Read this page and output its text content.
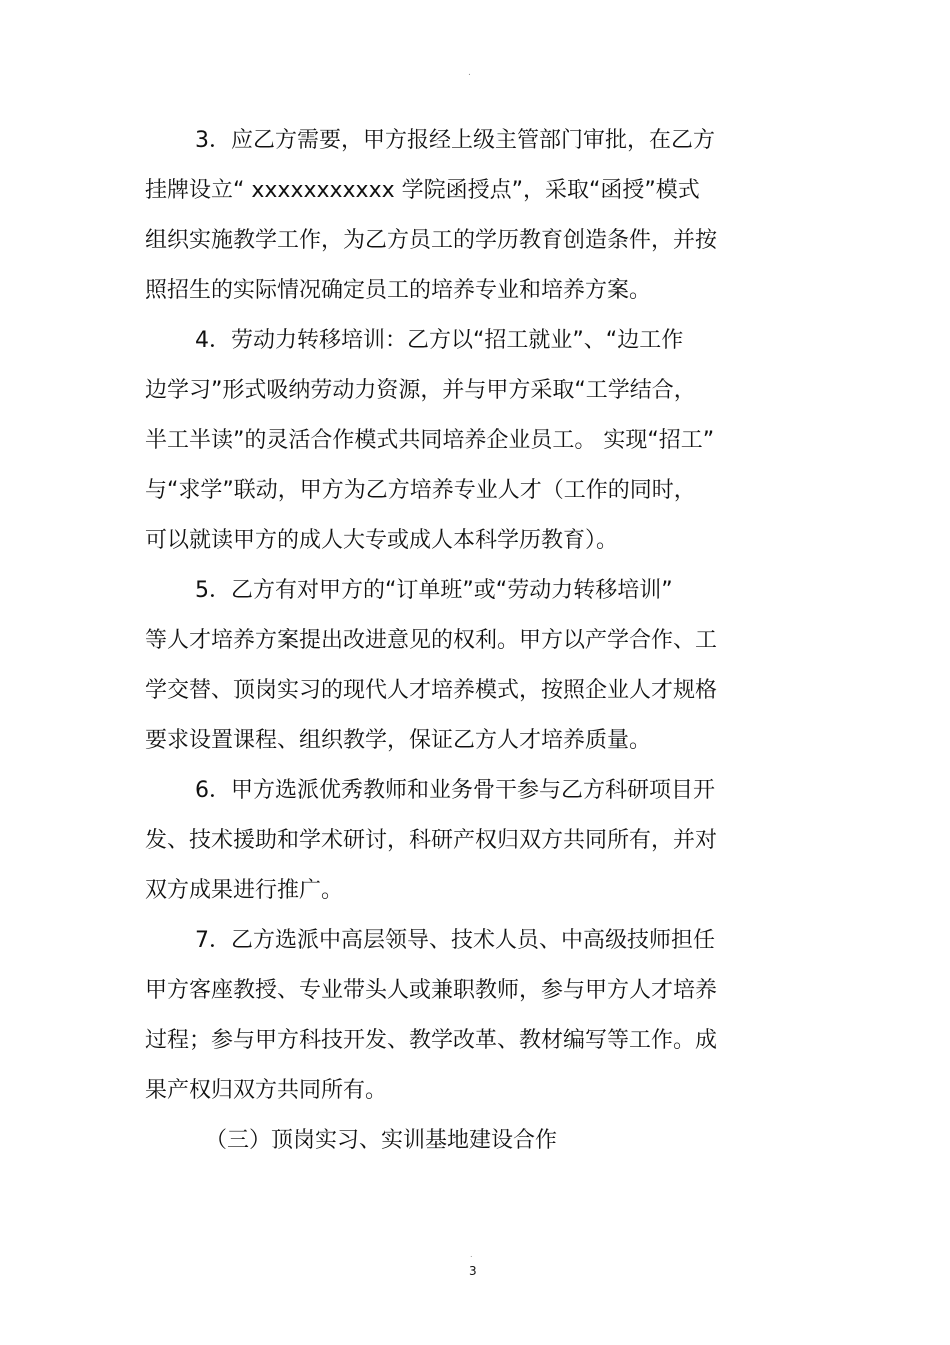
.
3．应乙方需要，甲方报经上级主管部门审批，在乙方
挂牌设立“ xxxxxxxxxxx 学院函授点”，采取“函授”模式
组织实施教学工作，为乙方员工的学历教育创造条件，并按
照招生的实际情况确定员工的培养专业和培养方案。
4．劳动力转移培训：乙方以“招工就业”、“边工作
边学习”形式吸纳劳动力资源，并与甲方采取“工学结合，
半工半读”的灵活合作模式共同培养企业员工。 实现“招工”
与“求学”联动，甲方为乙方培养专业人才（工作的同时，
可以就读甲方的成人大专或成人本科学历教育）。
5．乙方有对甲方的“订单班”或“劳动力转移培训”
等人才培养方案提出改进意见的权利。甲方以产学合作、工
学交替、顶岗实习的现代人才培养模式，按照企业人才规格
要求设置课程、组织教学，保证乙方人才培养质量。
6．甲方选派优秀教师和业务骨干参与乙方科研项目开
发、技术援助和学术研讨，科研产权归双方共同所有，并对
双方成果进行推广。
7．乙方选派中高层领导、技术人员、中高级技师担任
甲方客座教授、专业带头人或兼职教师，参与甲方人才培养
过程；参与甲方科技开发、教学改革、教材编写等工作。成
果产权归双方共同所有。
（三）顶岗实习、实训基地建设合作
.
3
